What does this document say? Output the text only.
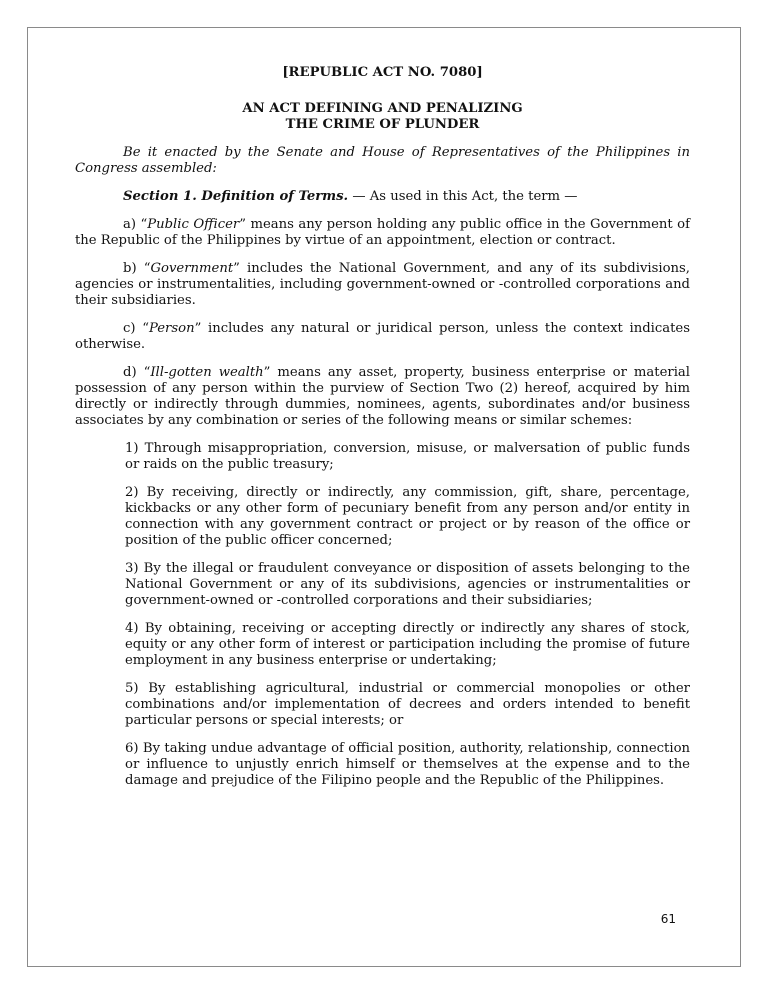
[REPUBLIC ACT NO. 7080]

AN ACT DEFINING AND PENALIZING

THE CRIME OF PLUNDER

Be it enacted by the Senate and House of Representatives of the Philippines in Congress assembled:

Section 1. Definition of Terms. — As used in this Act, the term —

a) “Public Officer” means any person holding any public office in the Government of the Republic of the Philippines by virtue of an appointment, election or contract.

b) “Government” includes the National Government, and any of its subdivisions, agencies or instrumentalities, including government-owned or -controlled corporations and their subsidiaries.

c) “Person” includes any natural or juridical person, unless the context indicates otherwise.

d) “Ill-gotten wealth” means any asset, property, business enterprise or material possession of any person within the purview of Section Two (2) hereof, acquired by him directly or indirectly through dummies, nominees, agents, subordinates and/or business associates by any combination or series of the following means or similar schemes:

1) Through misappropriation, conversion, misuse, or malversation of public funds or raids on the public treasury;

2) By receiving, directly or indirectly, any commission, gift, share, percentage, kickbacks or any other form of pecuniary benefit from any person and/or entity in connection with any government contract or project or by reason of the office or position of the public officer concerned;

3) By the illegal or fraudulent conveyance or disposition of assets belonging to the National Government or any of its subdivisions, agencies or instrumentalities or government-owned or -controlled corporations and their subsidiaries;

4) By obtaining, receiving or accepting directly or indirectly any shares of stock, equity or any other form of interest or participation including the promise of future employment in any business enterprise or undertaking;

5) By establishing agricultural, industrial or commercial monopolies or other combinations and/or implementation of decrees and orders intended to benefit particular persons or special interests; or

6) By taking undue advantage of official position, authority, relationship, connection or influence to unjustly enrich himself or themselves at the expense and to the damage and prejudice of the Filipino people and the Republic of the Philippines.

61
